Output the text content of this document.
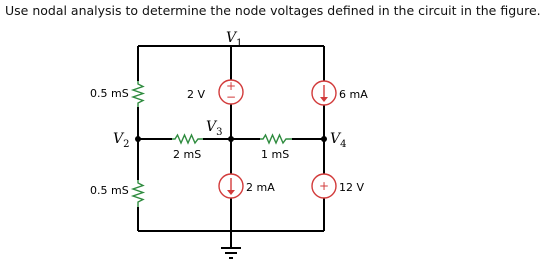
Use nodal analysis to determine the node voltages defined in the circuit in the figure.
+
−
+
$V_1$
$V_2$
$V_3$	$V_4$
0.5 mS
0.5 mS
2 mS	1 mS
2 V	6 mA
2 mA	12 V
